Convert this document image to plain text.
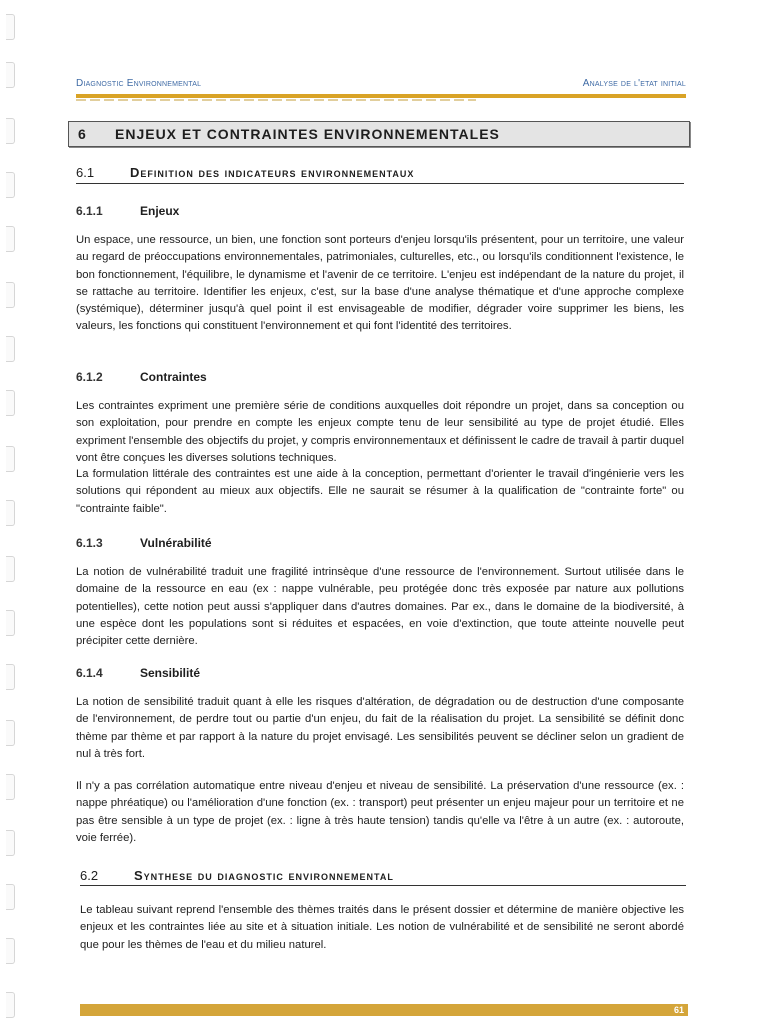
Diagnostic Environnemental	Analyse de l'etat initial
6 ENJEUX ET CONTRAINTES ENVIRONNEMENTALES
6.1	Definition des indicateurs environnementaux
6.1.1	Enjeux

Un espace, une ressource, un bien, une fonction sont porteurs d'enjeu lorsqu'ils présentent, pour un territoire, une valeur au regard de préoccupations environnementales, patrimoniales, culturelles, etc., ou lorsqu'ils conditionnent l'existence, le bon fonctionnement, l'équilibre, le dynamisme et l'avenir de ce territoire. L'enjeu est indépendant de la nature du projet, il se rattache au territoire. Identifier les enjeux, c'est, sur la base d'une analyse thématique et d'une approche complexe (systémique), déterminer jusqu'à quel point il est envisageable de modifier, dégrader voire supprimer les biens, les valeurs, les fonctions qui constituent l'environnement et qui font l'identité des territoires.

6.1.2	Contraintes

Les contraintes expriment une première série de conditions auxquelles doit répondre un projet, dans sa conception ou son exploitation, pour prendre en compte les enjeux compte tenu de leur sensibilité au type de projet étudié. Elles expriment l'ensemble des objectifs du projet, y compris environnementaux et définissent le cadre de travail à partir duquel vont être conçues les diverses solutions techniques.

La formulation littérale des contraintes est une aide à la conception, permettant d'orienter le travail d'ingénierie vers les solutions qui répondent au mieux aux objectifs. Elle ne saurait se résumer à la qualification de "contrainte forte" ou "contrainte faible".

6.1.3	Vulnérabilité

La notion de vulnérabilité traduit une fragilité intrinsèque d'une ressource de l'environnement. Surtout utilisée dans le domaine de la ressource en eau (ex : nappe vulnérable, peu protégée donc très exposée par nature aux pollutions potentielles), cette notion peut aussi s'appliquer dans d'autres domaines. Par ex., dans le domaine de la biodiversité, à une espèce dont les populations sont si réduites et espacées, en voie d'extinction, que toute atteinte nouvelle peut précipiter cette dernière.

6.1.4	Sensibilité

La notion de sensibilité traduit quant à elle les risques d'altération, de dégradation ou de destruction d'une composante de l'environnement, de perdre tout ou partie d'un enjeu, du fait de la réalisation du projet. La sensibilité se définit donc thème par thème et par rapport à la nature du projet envisagé. Les sensibilités peuvent se décliner selon un gradient de nul à très fort.

Il n'y a pas corrélation automatique entre niveau d'enjeu et niveau de sensibilité. La préservation d'une ressource (ex. : nappe phréatique) ou l'amélioration d'une fonction (ex. : transport) peut présenter un enjeu majeur pour un territoire et ne pas être sensible à un type de projet (ex. : ligne à très haute tension) tandis qu'elle va l'être à un autre (ex. : autoroute, voie ferrée).

6.2	Synthese du diagnostic environnemental

Le tableau suivant reprend l'ensemble des thèmes traités dans le présent dossier et détermine de manière objective les enjeux et les contraintes liée au site et à situation initiale. Les notion de vulnérabilité et de sensibilité ne seront abordé que pour les thèmes de l'eau et du milieu naturel.

61
